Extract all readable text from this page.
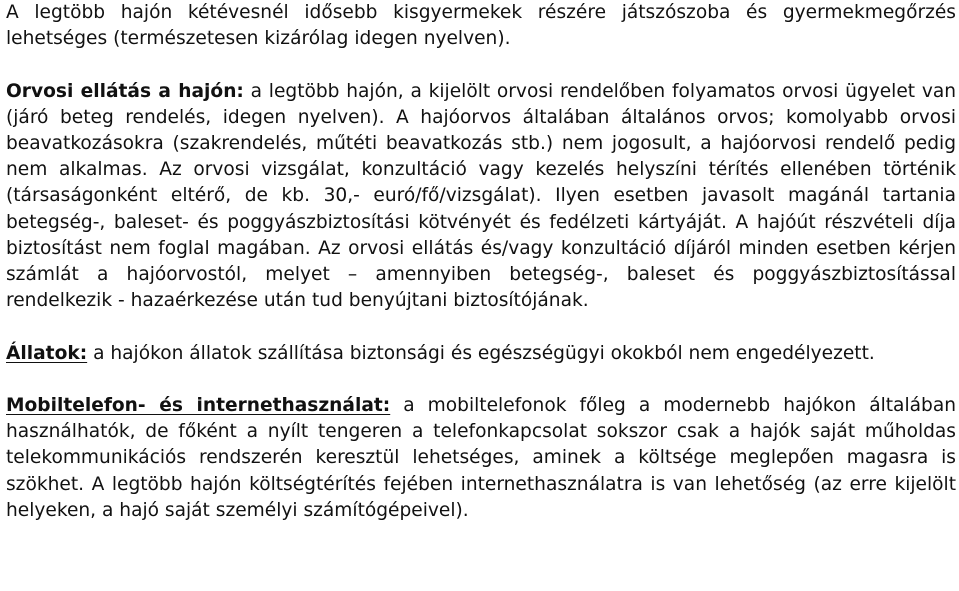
A legtöbb hajón kétévesnél idősebb kisgyermekek részére játszószoba és gyermekmegőrzés lehetséges (természetesen kizárólag idegen nyelven).

Orvosi ellátás a hajón: a legtöbb hajón, a kijelölt orvosi rendelőben folyamatos orvosi ügyelet van (járó beteg rendelés, idegen nyelven). A hajóorvos általában általános orvos; komolyabb orvosi beavatkozásokra (szakrendelés, műtéti beavatkozás stb.) nem jogosult, a hajóorvosi rendelő pedig nem alkalmas. Az orvosi vizsgálat, konzultáció vagy kezelés helyszíni térítés ellenében történik (társaságonként eltérő, de kb. 30,- euró/fő/vizsgálat). Ilyen esetben javasolt magánál tartania betegség-, baleset- és poggyászbiztosítási kötvényét és fedélzeti kártyáját. A hajóút részvételi díja biztosítást nem foglal magában. Az orvosi ellátás és/vagy konzultáció díjáról minden esetben kérjen számlát a hajóorvostól, melyet – amennyiben betegség-, baleset és poggyászbiztosítással rendelkezik - hazaérkezése után tud benyújtani biztosítójának.

Állatok: a hajókon állatok szállítása biztonsági és egészségügyi okokból nem engedélyezett.

Mobiltelefon- és internethasználat: a mobiltelefonok főleg a modernebb hajókon általában használhatók, de főként a nyílt tengeren a telefonkapcsolat sokszor csak a hajók saját műholdas telekommunikációs rendszerén keresztül lehetséges, aminek a költsége meglepően magasra is szökhet. A legtöbb hajón költségtérítés fejében internethasználatra is van lehetőség (az erre kijelölt helyeken, a hajó saját személyi számítógépeivel).
